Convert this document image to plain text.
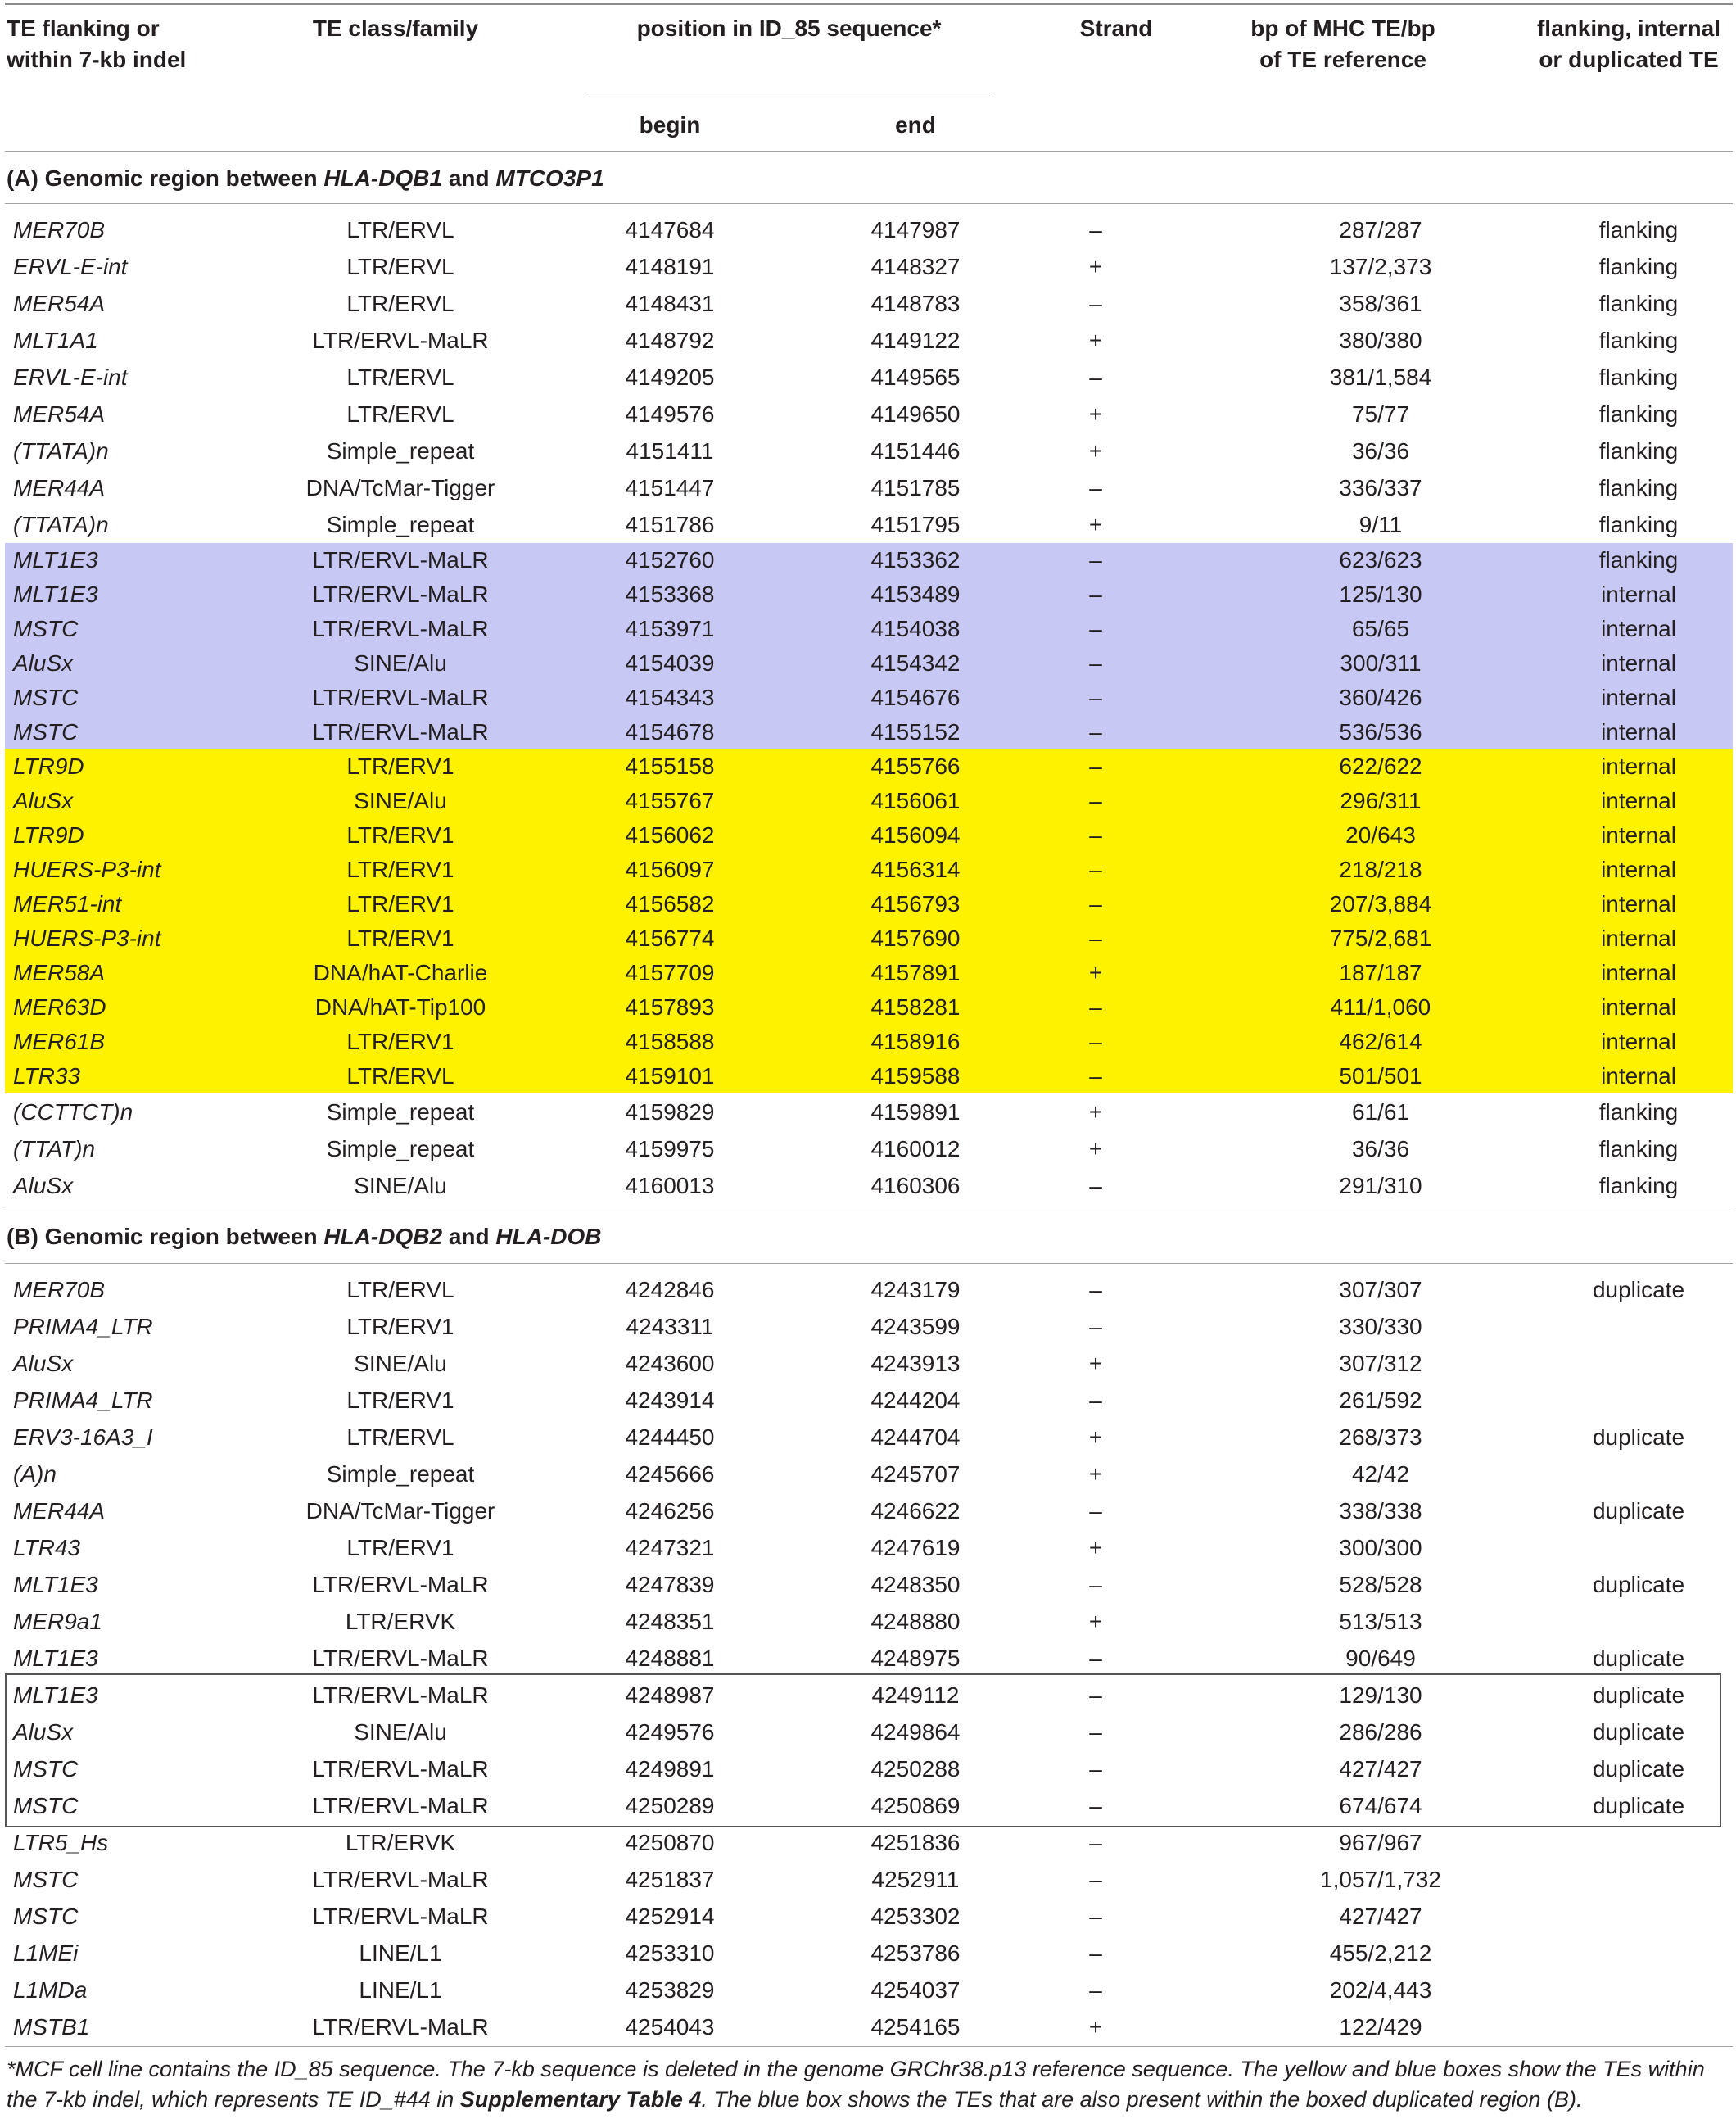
TE flanking or
within 7-kb indel
TE class/family	position in ID_85 sequence*
begin	end
Strand	bp of MHC TE/bp
of TE reference
flanking, internal
or duplicated TE
(A) Genomic region between HLA-DQB1 and MTCO3P1
MER70B	LTR/ERVL	4147684	4147987	–	287/287	flanking
ERVL-E-int	LTR/ERVL	4148191	4148327	+	137/2,373	flanking
MER54A	LTR/ERVL	4148431	4148783	–	358/361	flanking
MLT1A1	LTR/ERVL-MaLR	4148792	4149122	+	380/380	flanking
ERVL-E-int	LTR/ERVL	4149205	4149565	–	381/1,584	flanking
MER54A	LTR/ERVL	4149576	4149650	+	75/77	flanking
(TTATA)n	Simple_repeat	4151411	4151446	+	36/36	flanking
MER44A	DNA/TcMar-Tigger	4151447	4151785	–	336/337	flanking
(TTATA)n	Simple_repeat	4151786	4151795	+	9/11	flanking
MLT1E3	LTR/ERVL-MaLR	4152760	4153362	–	623/623	flanking
MLT1E3	LTR/ERVL-MaLR	4153368	4153489	–	125/130	internal
MSTC	LTR/ERVL-MaLR	4153971	4154038	–	65/65	internal
AluSx	SINE/Alu	4154039	4154342	–	300/311	internal
MSTC	LTR/ERVL-MaLR	4154343	4154676	–	360/426	internal
MSTC	LTR/ERVL-MaLR	4154678	4155152	–	536/536	internal
LTR9D	LTR/ERV1	4155158	4155766	–	622/622	internal
AluSx	SINE/Alu	4155767	4156061	–	296/311	internal
LTR9D	LTR/ERV1	4156062	4156094	–	20/643	internal
HUERS-P3-int	LTR/ERV1	4156097	4156314	–	218/218	internal
MER51-int	LTR/ERV1	4156582	4156793	–	207/3,884	internal
HUERS-P3-int	LTR/ERV1	4156774	4157690	–	775/2,681	internal
MER58A	DNA/hAT-Charlie	4157709	4157891	+	187/187	internal
MER63D	DNA/hAT-Tip100	4157893	4158281	–	411/1,060	internal
MER61B	LTR/ERV1	4158588	4158916	–	462/614	internal
LTR33	LTR/ERVL	4159101	4159588	–	501/501	internal
(CCTTCT)n	Simple_repeat	4159829	4159891	+	61/61	flanking
(TTAT)n	Simple_repeat	4159975	4160012	+	36/36	flanking
AluSx	SINE/Alu	4160013	4160306	–	291/310	flanking
(B) Genomic region between HLA-DQB2 and HLA-DOB
MER70B	LTR/ERVL	4242846	4243179	–	307/307	duplicate
PRIMA4_LTR	LTR/ERV1	4243311	4243599	–	330/330
AluSx	SINE/Alu	4243600	4243913	+	307/312
PRIMA4_LTR	LTR/ERV1	4243914	4244204	–	261/592
ERV3-16A3_I	LTR/ERVL	4244450	4244704	+	268/373	duplicate
(A)n	Simple_repeat	4245666	4245707	+	42/42
MER44A	DNA/TcMar-Tigger	4246256	4246622	–	338/338	duplicate
LTR43	LTR/ERV1	4247321	4247619	+	300/300
MLT1E3	LTR/ERVL-MaLR	4247839	4248350	–	528/528	duplicate
MER9a1	LTR/ERVK	4248351	4248880	+	513/513
MLT1E3	LTR/ERVL-MaLR	4248881	4248975	–	90/649	duplicate
MLT1E3	LTR/ERVL-MaLR	4248987	4249112	–	129/130	duplicate
AluSx	SINE/Alu	4249576	4249864	–	286/286	duplicate
MSTC	LTR/ERVL-MaLR	4249891	4250288	–	427/427	duplicate
MSTC	LTR/ERVL-MaLR	4250289	4250869	–	674/674	duplicate
LTR5_Hs	LTR/ERVK	4250870	4251836	–	967/967
MSTC	LTR/ERVL-MaLR	4251837	4252911	–	1,057/1,732
MSTC	LTR/ERVL-MaLR	4252914	4253302	–	427/427
L1MEi	LINE/L1	4253310	4253786	–	455/2,212
L1MDa	LINE/L1	4253829	4254037	–	202/4,443
MSTB1	LTR/ERVL-MaLR	4254043	4254165	+	122/429
*MCF cell line contains the ID_85 sequence. The 7-kb sequence is deleted in the genome GRChr38.p13 reference sequence. The yellow and blue boxes show the TEs within the 7-kb indel, which represents TE ID_#44 in Supplementary Table 4. The blue box shows the TEs that are also present within the boxed duplicated region (B).
